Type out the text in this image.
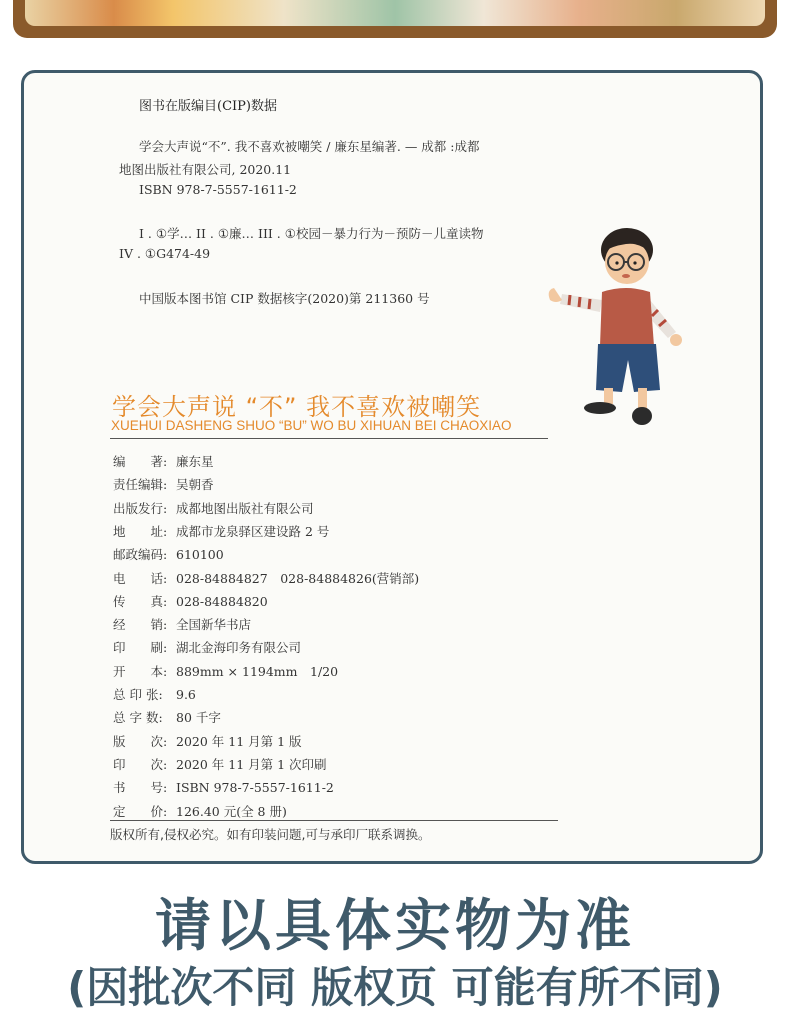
图书在版编目(CIP)数据
学会大声说“不”. 我不喜欢被嘲笑 / 廉东星编著. — 成都 :成都
地图出版社有限公司, 2020.11
ISBN 978-7-5557-1611-2
I . ①学… II . ①廉… III . ①校园－暴力行为－预防－儿童读物
IV . ①G474-49
中国版本图书馆 CIP 数据核字(2020)第 211360 号
学会大声说 “不” 我不喜欢被嘲笑
XUEHUI DASHENG SHUO “BU” WO BU XIHUAN BEI CHAOXIAO
编　　著: 廉东星
责任编辑: 吴朝香
出版发行: 成都地图出版社有限公司
地　　址: 成都市龙泉驿区建设路 2 号
邮政编码: 610100
电　　话: 028-84884827　028-84884826(营销部)
传　　真: 028-84884820
经　　销: 全国新华书店
印　　刷: 湖北金海印务有限公司
开　　本: 889mm × 1194mm　1/20
总 印 张: 9.6
总 字 数: 80 千字
版　　次: 2020 年 11 月第 1 版
印　　次: 2020 年 11 月第 1 次印刷
书　　号: ISBN 978-7-5557-1611-2
定　　价: 126.40 元(全 8 册)
版权所有,侵权必究。如有印装问题,可与承印厂联系调换。
请以具体实物为准
(因批次不同 版权页 可能有所不同)
